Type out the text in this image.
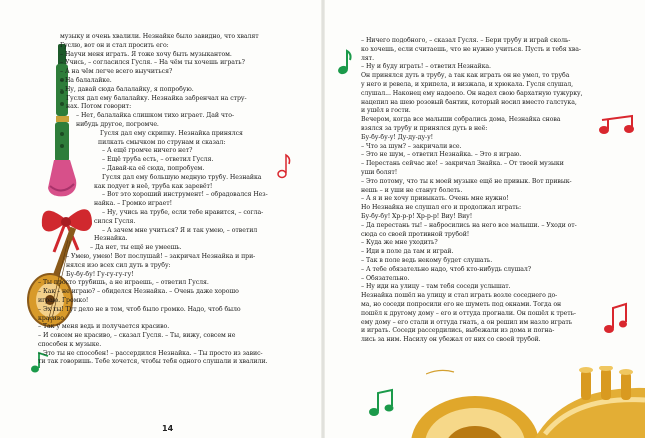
музыку и очень хвалили. Незнайке было завидно, что хвалят

Гуслю, вот он и стал просить его:

– Научи меня играть. Я тоже хочу быть музыкантом.

– Учись, – согласился Гусля. – На чём ты хочешь играть?

– А на чём легче всего выучиться?

– На балалайке.

– Ну, давай сюда балалайку, я попробую.

Гусля дал ему балалайку. Незнайка забренчал на стру-

нах. Потом говорит:

– Нет, балалайка слишком тихо играет. Дай что-

нибудь другое, погромче.

Гусля дал ему скрипку. Незнайка принялся

пилкать смычком по струнам и сказал:

– А ещё громче ничего нет?

– Ещё труба есть, – ответил Гусля.

– Давай-ка её сюда, попробуем.

Гусля дал ему большую медную трубу. Незнайка

как подует в неё, труба как заревёт!

– Вот это хороший инструмент! – обрадовался Нез-

найка. – Громко играет!

– Ну, учись на трубе, если тебе нравится, – согла-

сился Гусля.

– А зачем мне учиться? Я и так умею, – ответил

Незнайка.

– Да нет, ты ещё не умеешь.

– Умею, умею! Вот послушай! – закричал Незнайка и при-

нялся изо всех сил дуть в трубу:

Бу-бу-бу! Гу-гу-гу-гу!

– Ты просто трубишь, а не играешь, – ответил Гусля.

– Как – не играю? – обиделся Незнайка. – Очень даже хорошо

играю. Громко!

– Эх ты! Тут дело не в том, чтоб было громко. Надо, чтоб было

красиво.

– Так у меня ведь и получается красиво.

– И совсем не красиво, – сказал Гусля. – Ты, вижу, совсем не

способен к музыке.

– Это ты не способен! – рассердился Незнайка. – Ты просто из завис-

ти так говоришь. Тебе хочется, чтобы тебя одного слушали и хвалили.

14

– Ничего подобного, – сказал Гусля. – Бери трубу и играй сколь-

ко хочешь, если считаешь, что не нужно учиться. Пусть и тебя хва-

лят.

– Ну и буду играть! – ответил Незнайка.

Он принялся дуть в трубу, а так как играть он не умел, то труба

у него и ревела, и хрипела, и визжала, и хрюкала. Гусля слушал,

слушал... Наконец ему надоело. Он надел свою бархатную тужурку,

нацепил на шею розовый бантик, который носил вместо галстука,

и ушёл в гости.

Вечером, когда все малыши собрались дома, Незнайка снова

взялся за трубу и принялся дуть в неё:

Бу-бу-бу-у! Ду-ду-ду-у!

– Что за шум? – закричали все.

– Это не шум, – ответил Незнайка. – Это я играю.

– Перестань сейчас же! – закричал Знайка. – От твоей музыки

уши болят!

– Это потому, что ты к моей музыке ещё не привык. Вот привык-

нешь – и уши не станут болеть.

– А я и не хочу привыкать. Очень мне нужно!

Но Незнайка не слушал его и продолжал играть:

Бу-бу-бу! Хр-р-р! Хр-р-р! Виу! Виу!

– Да перестань ты! – набросились на него все малыши. – Уходи от-

сюда со своей противной трубой!

– Куда же мне уходить?

– Иди в поле да там и играй.

– Так в поле ведь некому будет слушать.

– А тебе обязательно надо, чтоб кто-нибудь слушал?

– Обязательно.

– Ну иди на улицу – там тебя соседи услышат.

Незнайка пошёл на улицу и стал играть возле соседнего до-

ма, но соседи попросили его не шуметь под окнами. Тогда он

пошёл к другому дому – его и оттуда прогнали. Он пошёл к треть-

ему дому – его стали и оттуда гнать, а он решил им назло играть

и играть. Соседи рассердились, выбежали из дома и погна-

лись за ним. Насилу он убежал от них со своей трубой.
